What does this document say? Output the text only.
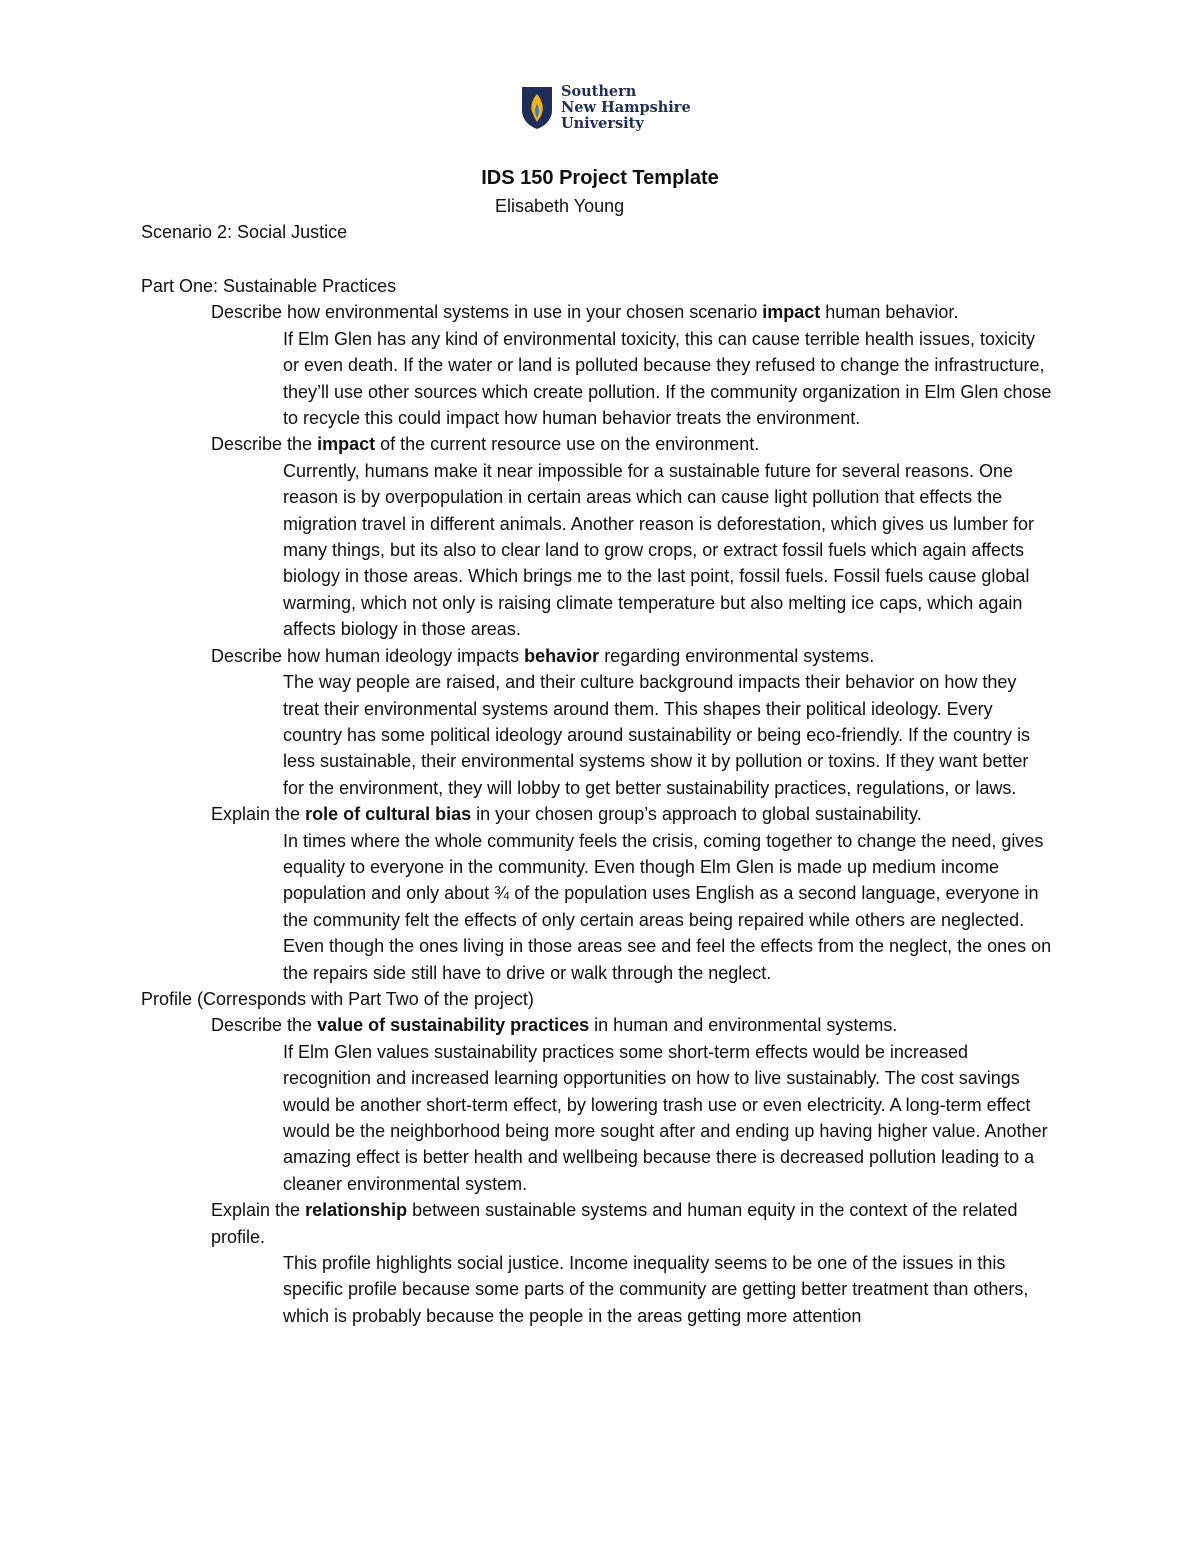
Southern
New Hampshire
University
IDS 150 Project Template
Elisabeth Young
Scenario 2: Social Justice
Part One: Sustainable Practices
Describe how environmental systems in use in your chosen scenario impact human behavior.
If Elm Glen has any kind of environmental toxicity, this can cause terrible health issues, toxicity or even death. If the water or land is polluted because they refused to change the infrastructure, they’ll use other sources which create pollution. If the community organization in Elm Glen chose to recycle this could impact how human behavior treats the environment.
Describe the impact of the current resource use on the environment.
Currently, humans make it near impossible for a sustainable future for several reasons. One reason is by overpopulation in certain areas which can cause light pollution that effects the migration travel in different animals. Another reason is deforestation, which gives us lumber for many things, but its also to clear land to grow crops, or extract fossil fuels which again affects biology in those areas. Which brings me to the last point, fossil fuels. Fossil fuels cause global warming, which not only is raising climate temperature but also melting ice caps, which again affects biology in those areas.
Describe how human ideology impacts behavior regarding environmental systems.
The way people are raised, and their culture background impacts their behavior on how they treat their environmental systems around them. This shapes their political ideology. Every country has some political ideology around sustainability or being eco-friendly. If the country is less sustainable, their environmental systems show it by pollution or toxins. If they want better for the environment, they will lobby to get better sustainability practices, regulations, or laws.
Explain the role of cultural bias in your chosen group’s approach to global sustainability.
In times where the whole community feels the crisis, coming together to change the need, gives equality to everyone in the community. Even though Elm Glen is made up medium income population and only about ¾ of the population uses English as a second language, everyone in the community felt the effects of only certain areas being repaired while others are neglected. Even though the ones living in those areas see and feel the effects from the neglect, the ones on the repairs side still have to drive or walk through the neglect.
Profile (Corresponds with Part Two of the project)
Describe the value of sustainability practices in human and environmental systems.
If Elm Glen values sustainability practices some short-term effects would be increased recognition and increased learning opportunities on how to live sustainably. The cost savings would be another short-term effect, by lowering trash use or even electricity. A long-term effect would be the neighborhood being more sought after and ending up having higher value. Another amazing effect is better health and wellbeing because there is decreased pollution leading to a cleaner environmental system.
Explain the relationship between sustainable systems and human equity in the context of the related profile.
This profile highlights social justice. Income inequality seems to be one of the issues in this specific profile because some parts of the community are getting better treatment than others, which is probably because the people in the areas getting more attention
